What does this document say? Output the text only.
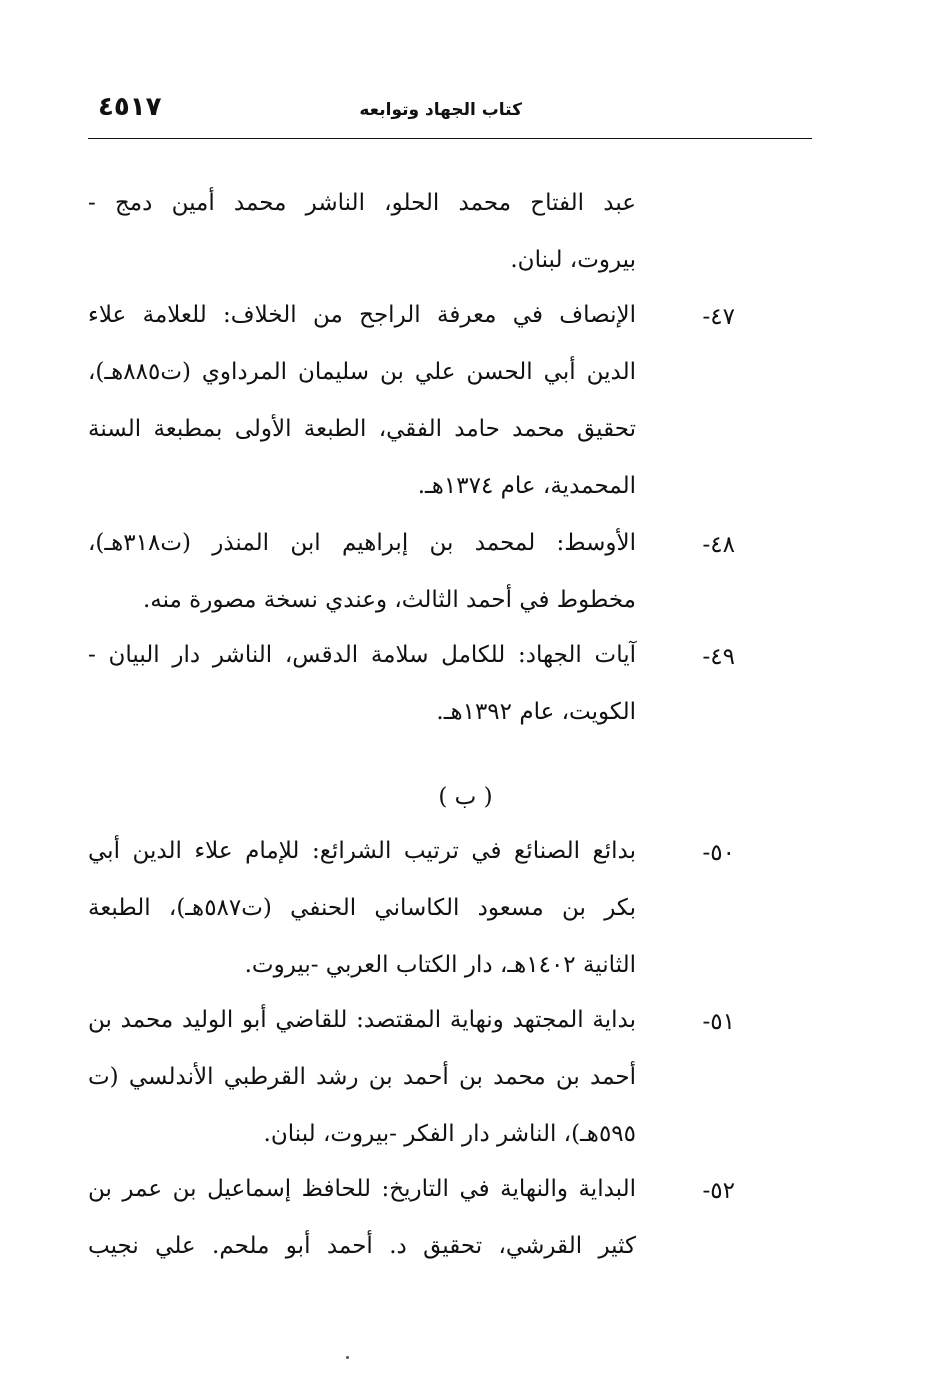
كتاب الجهاد وتوابعه
٤٥١٧
عبد الفتاح محمد الحلو، الناشر محمد أمين دمج -
بيروت، لبنان.
٤٧-
الإنصاف في معرفة الراجح من الخلاف: للعلامة علاء
الدين أبي الحسن علي بن سليمان المرداوي (ت٨٨٥هـ)،
تحقيق محمد حامد الفقي، الطبعة الأولى بمطبعة السنة
المحمدية، عام ١٣٧٤هـ.
٤٨-
الأوسط: لمحمد بن إبراهيم ابن المنذر (ت٣١٨هـ)،
مخطوط في أحمد الثالث، وعندي نسخة مصورة منه.
٤٩-
آيات الجهاد: للكامل سلامة الدقس، الناشر دار البيان -
الكويت، عام ١٣٩٢هـ.
( ب )
٥٠-
بدائع الصنائع في ترتيب الشرائع: للإمام علاء الدين أبي
بكر بن مسعود الكاساني الحنفي (ت٥٨٧هـ)، الطبعة
الثانية ١٤٠٢هـ، دار الكتاب العربي -بيروت.
٥١-
بداية المجتهد ونهاية المقتصد: للقاضي أبو الوليد محمد بن
أحمد بن محمد بن أحمد بن رشد القرطبي الأندلسي (ت
٥٩٥هـ)، الناشر دار الفكر -بيروت، لبنان.
٥٢-
البداية والنهاية في التاريخ: للحافظ إسماعيل بن عمر بن
كثير القرشي، تحقيق د. أحمد أبو ملحم. علي نجيب
